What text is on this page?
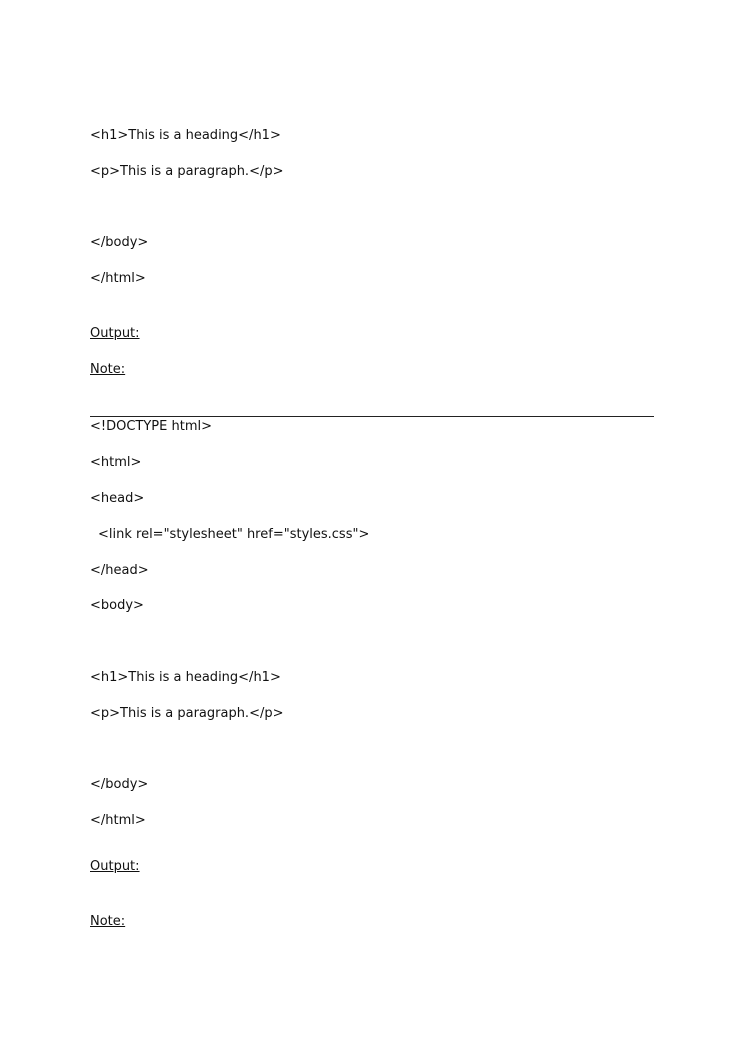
<h1>This is a heading</h1>
<p>This is a paragraph.</p>
</body>
</html>
Output:
Note:
<!DOCTYPE html>
<html>
<head>
<link rel="stylesheet" href="styles.css">
</head>
<body>
<h1>This is a heading</h1>
<p>This is a paragraph.</p>
</body>
</html>
Output:
Note:
